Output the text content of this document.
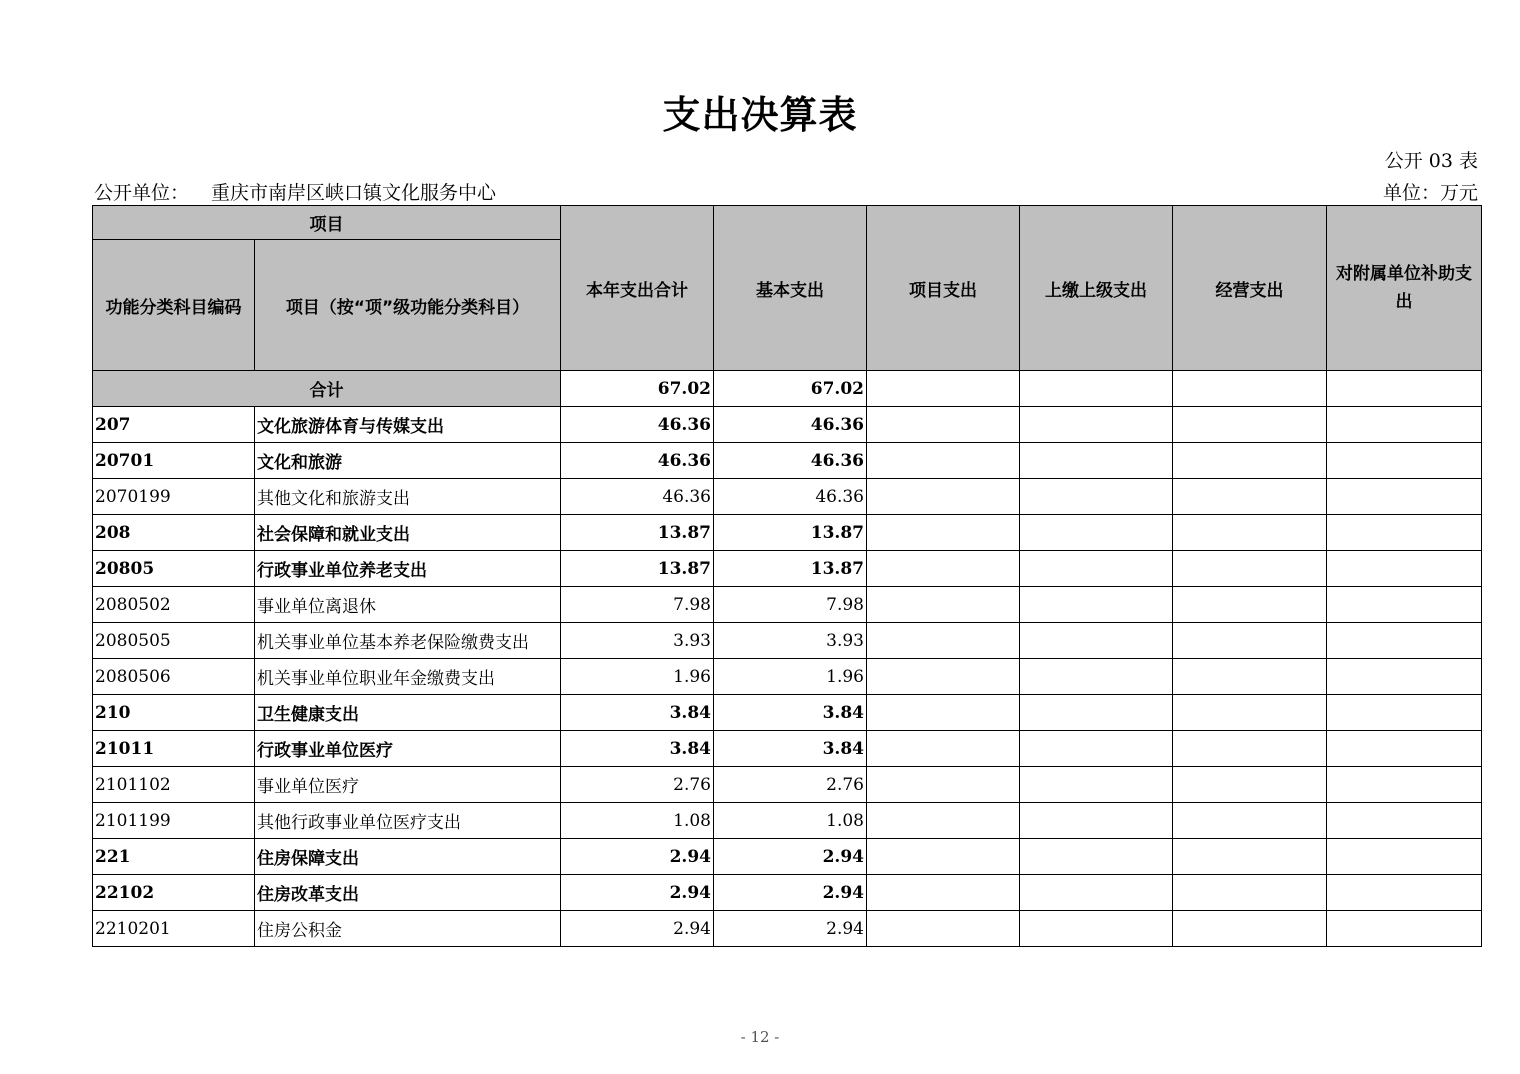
支出决算表
公开 03 表
公开单位： 重庆市南岸区峡口镇文化服务中心	单位：万元
项目		本年支出合计	基本支出	项目支出	上缴上级支出	经营支出	对附属单位补助支出
功能分类科目编码	项目（按“项”级功能分类科目）						
合计		67.02	67.02				
207	文化旅游体育与传媒支出	46.36	46.36				
20701	文化和旅游	46.36	46.36				
2070199	其他文化和旅游支出	46.36	46.36				
208	社会保障和就业支出	13.87	13.87				
20805	行政事业单位养老支出	13.87	13.87				
2080502	事业单位离退休	7.98	7.98				
2080505	机关事业单位基本养老保险缴费支出	3.93	3.93				
2080506	机关事业单位职业年金缴费支出	1.96	1.96				
210	卫生健康支出	3.84	3.84				
21011	行政事业单位医疗	3.84	3.84				
2101102	事业单位医疗	2.76	2.76				
2101199	其他行政事业单位医疗支出	1.08	1.08				
221	住房保障支出	2.94	2.94				
22102	住房改革支出	2.94	2.94				
2210201	住房公积金	2.94	2.94				
- 12 -
